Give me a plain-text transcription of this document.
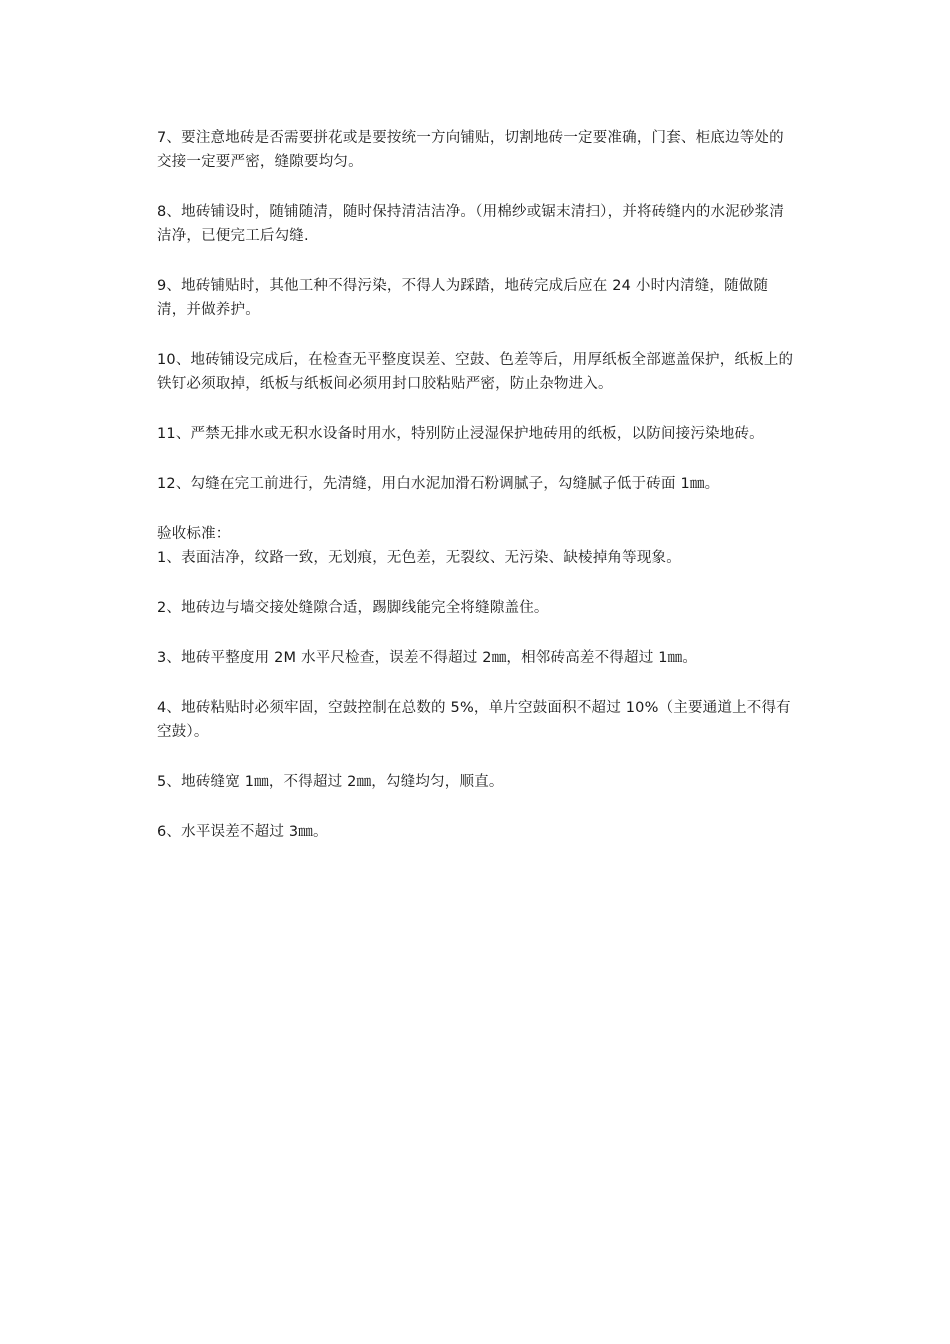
7、要注意地砖是否需要拼花或是要按统一方向铺贴，切割地砖一定要准确，门套、柜底边等处的交接一定要严密，缝隙要均匀。

8、地砖铺设时，随铺随清，随时保持清洁洁净。（用棉纱或锯末清扫），并将砖缝内的水泥砂浆清洁净，已便完工后勾缝.

9、地砖铺贴时，其他工种不得污染，不得人为踩踏，地砖完成后应在 24 小时内清缝，随做随清，并做养护。

10、地砖铺设完成后，在检查无平整度误差、空鼓、色差等后，用厚纸板全部遮盖保护，纸板上的铁钉必须取掉，纸板与纸板间必须用封口胶粘贴严密，防止杂物进入。

11、严禁无排水或无积水设备时用水，特别防止浸湿保护地砖用的纸板，以防间接污染地砖。

12、勾缝在完工前进行，先清缝，用白水泥加滑石粉调腻子，勾缝腻子低于砖面 1㎜。

验收标准：

1、表面洁净，纹路一致，无划痕，无色差，无裂纹、无污染、缺棱掉角等现象。

2、地砖边与墙交接处缝隙合适，踢脚线能完全将缝隙盖住。

3、地砖平整度用 2M 水平尺检查，误差不得超过 2㎜，相邻砖高差不得超过 1㎜。

4、地砖粘贴时必须牢固，空鼓控制在总数的 5%，单片空鼓面积不超过 10%（主要通道上不得有空鼓）。

5、地砖缝宽 1㎜，不得超过 2㎜，勾缝均匀，顺直。

6、水平误差不超过 3㎜。
